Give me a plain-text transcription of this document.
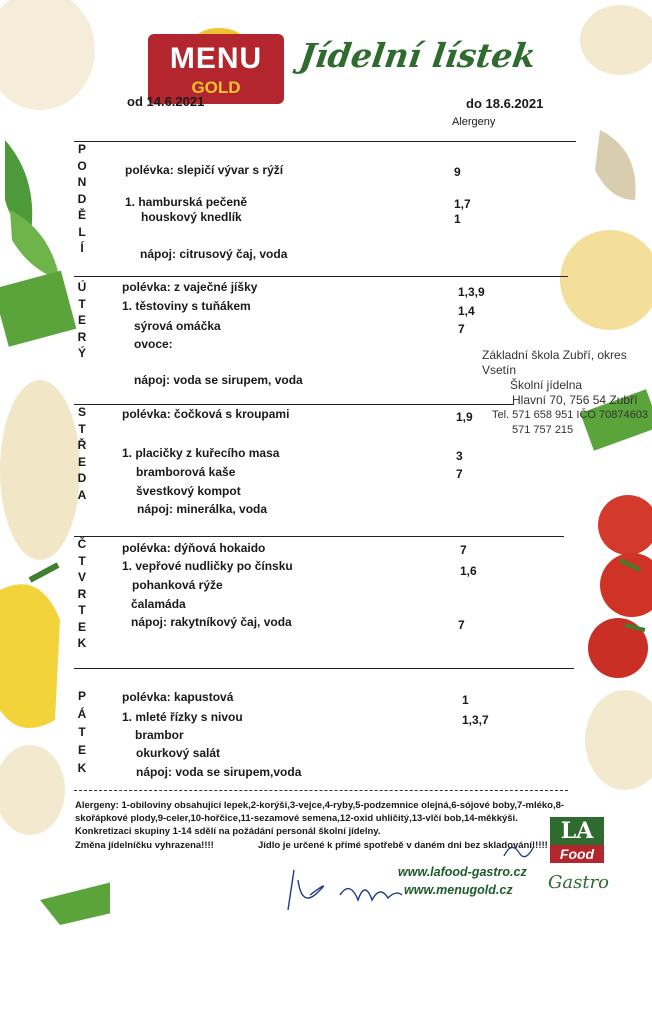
MENU
GOLD
Jídelní lístek
od 14.6.2021	do 18.6.2021
Alergeny
P
O
N
D
Ě
L
Í
polévka: slepičí vývar s rýží	9
1. hamburská pečeně	1,7
houskový knedlík	1
nápoj: citrusový čaj, voda
Ú
T
E
R
Ý
polévka: z vaječné jíšky	1,3,9
1. těstoviny s tuňákem	1,4
sýrová omáčka	7
ovoce:
nápoj: voda se sirupem, voda
Základní škola Zubří, okres Vsetín
Školní jídelna
Hlavní 70, 756 54 Zubří
Tel. 571 658 951 IČO 70874603
571 757 215
S
T
Ř
E
D
A
polévka: čočková s kroupami	1,9
1. placičky z kuřecího masa	3
bramborová kaše	7
švestkový kompot
nápoj: minerálka, voda
Č
T
V
R
T
E
K
polévka: dýňová hokaido	7
1. vepřové nudličky po čínsku	1,6
pohanková rýže
čalamáda
nápoj: rakytníkový čaj, voda	7
P
Á
T
E
K
polévka: kapustová	1
1. mleté řízky s nivou	1,3,7
brambor
okurkový salát
nápoj: voda se sirupem,voda
Alergeny: 1-obiloviny obsahující lepek,2-korýši,3-vejce,4-ryby,5-podzemnice olejná,6-sójové boby,7-mléko,8-skořápkové plody,9-celer,10-hořčice,11-sezamové semena,12-oxid uhličitý,13-vlčí bob,14-měkkýši.
Konkretizaci skupiny 1-14 sdělí na požádání personál školní jídelny.
Změna jídelníčku vyhrazena!!!!	Jídlo je určené k přímé spotřebě v daném dni bez skladování!!!!!
www.lafood-gastro.cz
www.menugold.cz
LA
Food
Gastro
